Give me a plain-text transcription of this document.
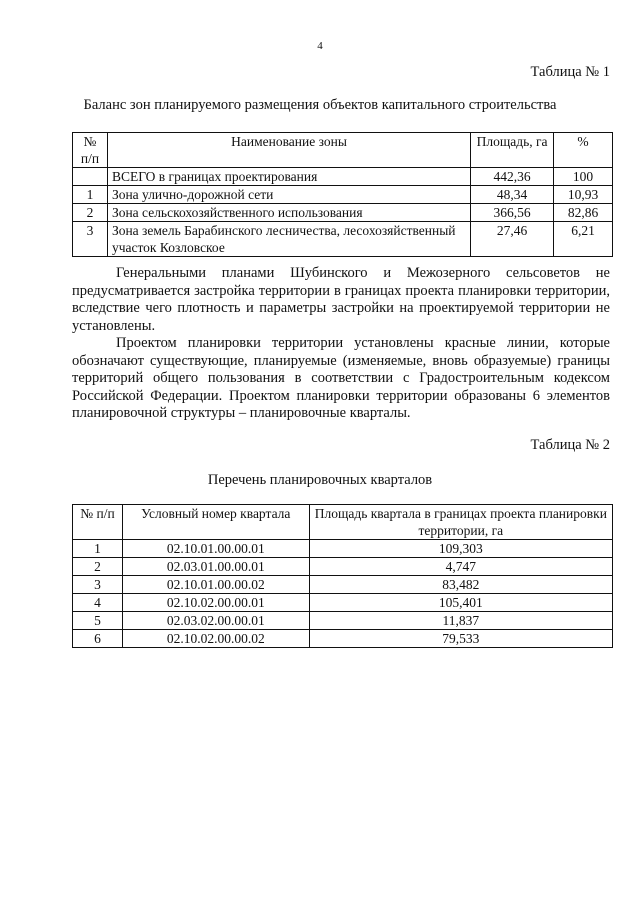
4
Таблица № 1
Баланс зон планируемого размещения объектов капитального строительства
№ п/п	Наименование зоны	Площадь, га	%
	ВСЕГО в границах проектирования	442,36	100
1	Зона улично-дорожной сети	48,34	10,93
2	Зона сельскохозяйственного использования	366,56	82,86
3	Зона земель Барабинского лесничества, лесохозяйственный участок Козловское	27,46	6,21

Генеральными планами Шубинского и Межозерного сельсоветов не предусматривается застройка территории в границах проекта планировки территории, вследствие чего плотность и параметры застройки на проектируемой территории не установлены.

Проектом планировки территории установлены красные линии, которые обозначают существующие, планируемые (изменяемые, вновь образуемые) границы территорий общего пользования в соответствии с Градостроительным кодексом Российской Федерации. Проектом планировки территории образованы 6 элементов планировочной структуры – планировочные кварталы.

Таблица № 2
Перечень планировочных кварталов
№ п/п	Условный номер квартала	Площадь квартала в границах проекта планировки территории, га
1	02.10.01.00.00.01	109,303
2	02.03.01.00.00.01	4,747
3	02.10.01.00.00.02	83,482
4	02.10.02.00.00.01	105,401
5	02.03.02.00.00.01	11,837
6	02.10.02.00.00.02	79,533
